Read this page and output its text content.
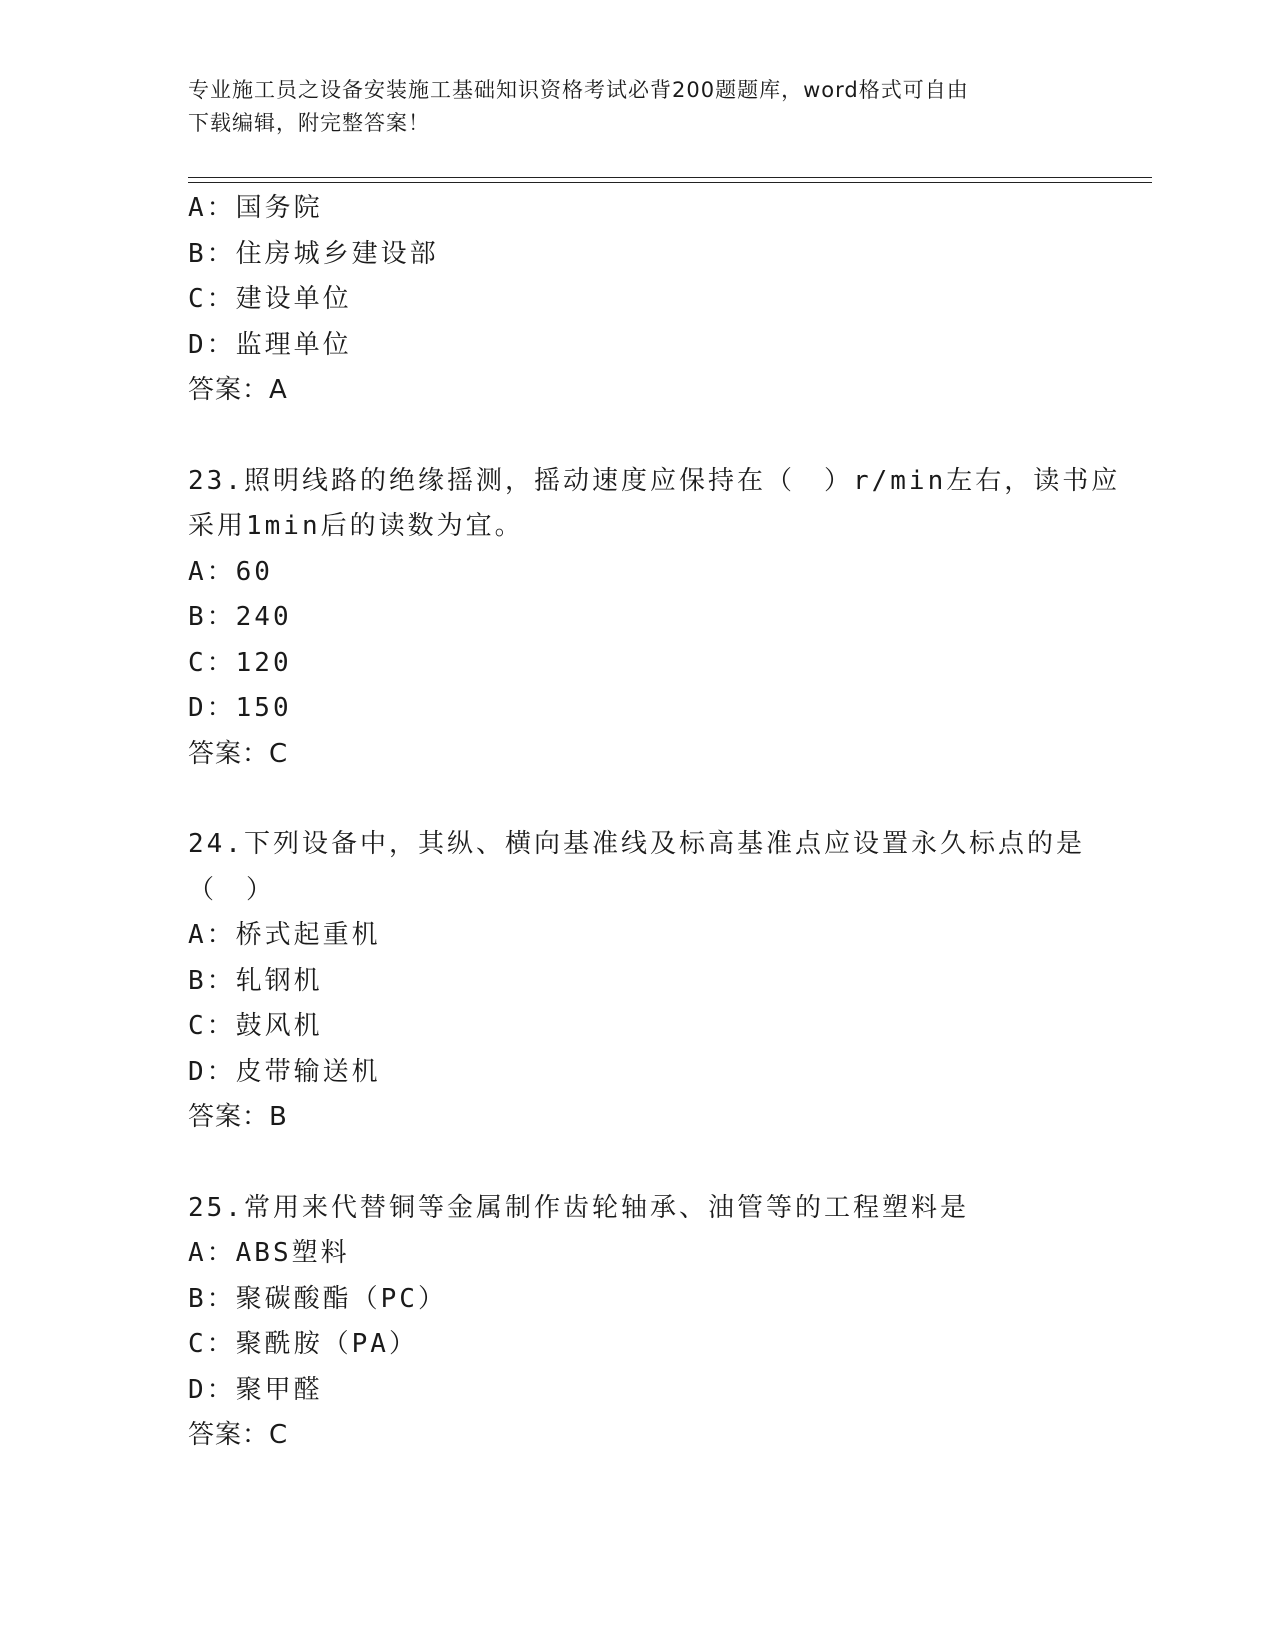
专业施工员之设备安装施工基础知识资格考试必背200题题库，word格式可自由
下载编辑，附完整答案！
A：国务院
B：住房城乡建设部
C：建设单位
D：监理单位
答案：A
23.照明线路的绝缘摇测，摇动速度应保持在（　）r/min左右，读书应
采用1min后的读数为宜。
A：60
B：240
C：120
D：150
答案：C
24.下列设备中，其纵、横向基准线及标高基准点应设置永久标点的是
（　）
A：桥式起重机
B：轧钢机
C：鼓风机
D：皮带输送机
答案：B
25.常用来代替铜等金属制作齿轮轴承、油管等的工程塑料是
A：ABS塑料
B：聚碳酸酯（PC）
C：聚酰胺（PA）
D：聚甲醛
答案：C
